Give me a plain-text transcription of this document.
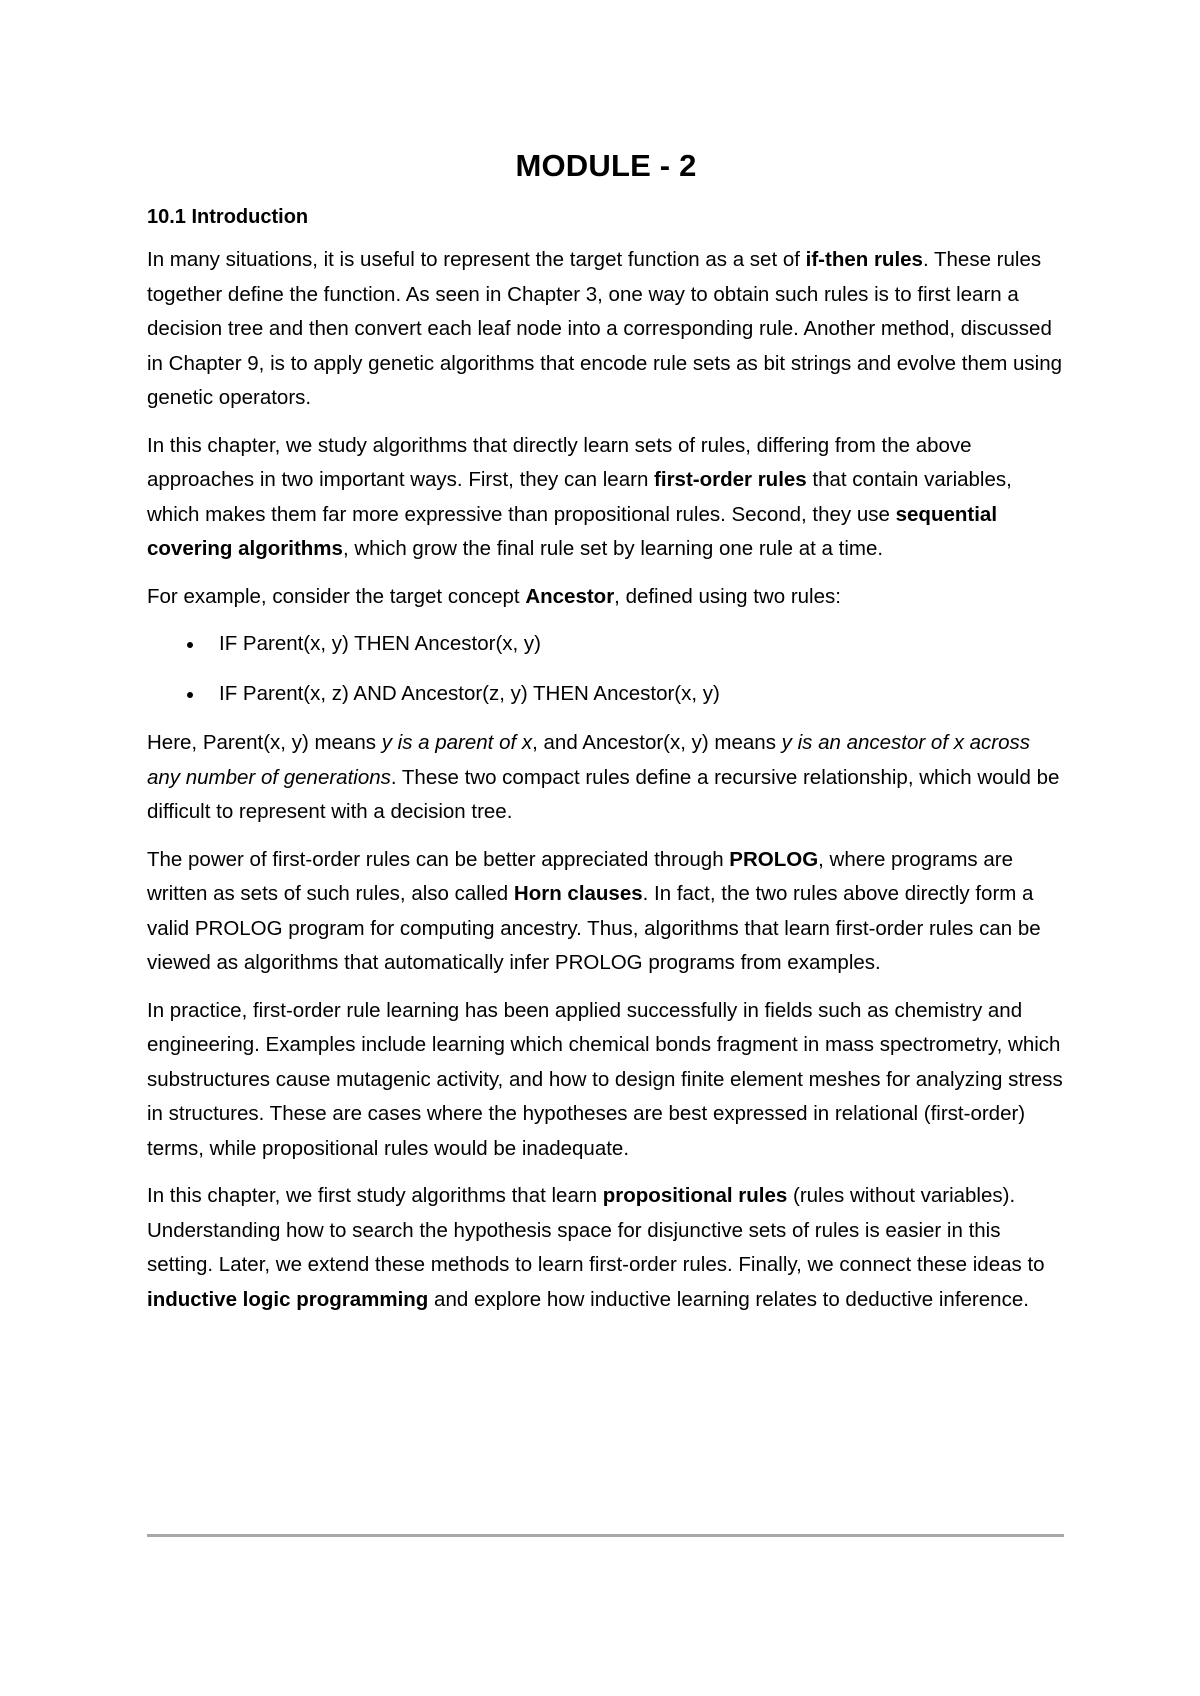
MODULE - 2
10.1 Introduction

In many situations, it is useful to represent the target function as a set of if-then rules. These rules together define the function. As seen in Chapter 3, one way to obtain such rules is to first learn a decision tree and then convert each leaf node into a corresponding rule. Another method, discussed in Chapter 9, is to apply genetic algorithms that encode rule sets as bit strings and evolve them using genetic operators.

In this chapter, we study algorithms that directly learn sets of rules, differing from the above approaches in two important ways. First, they can learn first-order rules that contain variables, which makes them far more expressive than propositional rules. Second, they use sequential covering algorithms, which grow the final rule set by learning one rule at a time.

For example, consider the target concept Ancestor, defined using two rules:

IF Parent(x, y) THEN Ancestor(x, y)
IF Parent(x, z) AND Ancestor(z, y) THEN Ancestor(x, y)

Here, Parent(x, y) means y is a parent of x, and Ancestor(x, y) means y is an ancestor of x across any number of generations. These two compact rules define a recursive relationship, which would be difficult to represent with a decision tree.

The power of first-order rules can be better appreciated through PROLOG, where programs are written as sets of such rules, also called Horn clauses. In fact, the two rules above directly form a valid PROLOG program for computing ancestry. Thus, algorithms that learn first-order rules can be viewed as algorithms that automatically infer PROLOG programs from examples.

In practice, first-order rule learning has been applied successfully in fields such as chemistry and engineering. Examples include learning which chemical bonds fragment in mass spectrometry, which substructures cause mutagenic activity, and how to design finite element meshes for analyzing stress in structures. These are cases where the hypotheses are best expressed in relational (first-order) terms, while propositional rules would be inadequate.

In this chapter, we first study algorithms that learn propositional rules (rules without variables). Understanding how to search the hypothesis space for disjunctive sets of rules is easier in this setting. Later, we extend these methods to learn first-order rules. Finally, we connect these ideas to inductive logic programming and explore how inductive learning relates to deductive inference.
